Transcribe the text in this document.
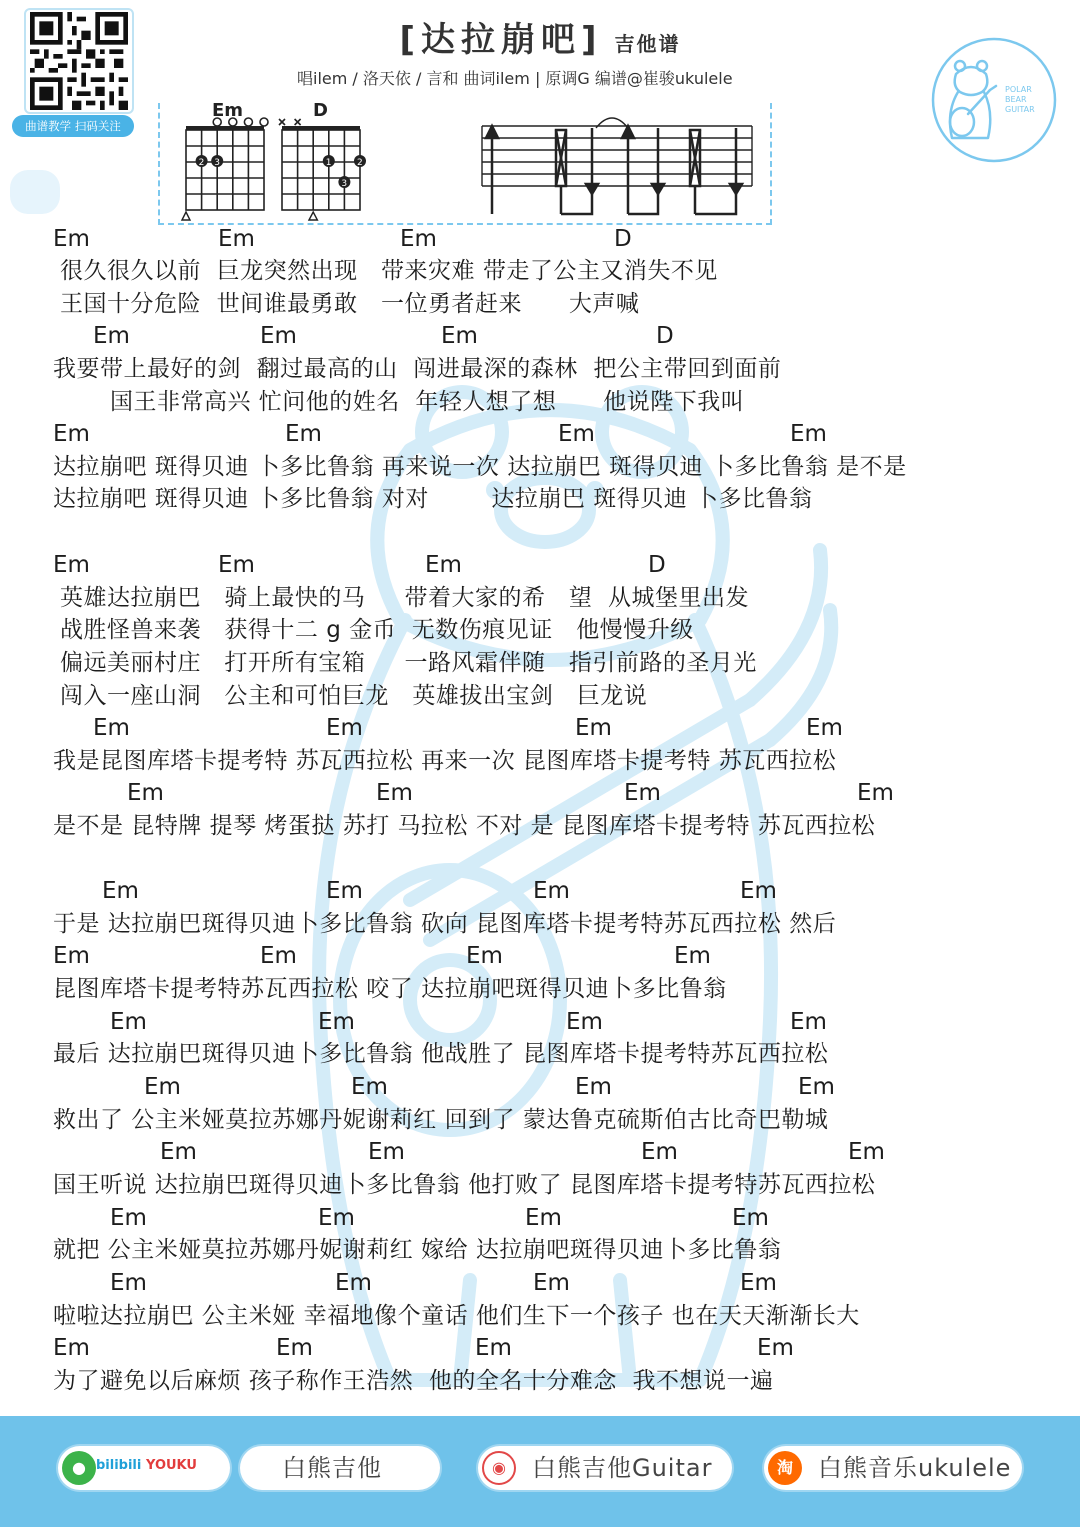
曲谱教学 扫码关注
[达拉崩吧] 吉他谱
唱ilem / 洛天依 / 言和 曲词ilem | 原调G 编谱@崔骏ukulele
POLAR
BEAR
GUITAR
Em
2 3
D
1	2
3
Em	Em	Em	D
很久很久以前  巨龙突然出现   带来灾难 带走了公主又消失不见
王国十分危险  世间谁最勇敢   一位勇者赶来      大声喊
Em	Em	Em	D
我要带上最好的剑  翻过最高的山  闯进最深的森林  把公主带回到面前
国王非常高兴 忙问他的姓名  年轻人想了想      他说陛下我叫
Em	Em	Em	Em
达拉崩吧 斑得贝迪 卜多比鲁翁 再来说一次 达拉崩巴 斑得贝迪 卜多比鲁翁 是不是
达拉崩吧 斑得贝迪 卜多比鲁翁 对对        达拉崩巴 斑得贝迪 卜多比鲁翁
Em	Em	Em	D
英雄达拉崩巴   骑上最快的马     带着大家的希   望  从城堡里出发
战胜怪兽来袭   获得十二 g 金币  无数伤痕见证   他慢慢升级
偏远美丽村庄   打开所有宝箱     一路风霜伴随   指引前路的圣月光
闯入一座山洞   公主和可怕巨龙   英雄拔出宝剑   巨龙说
Em	Em	Em	Em
我是昆图库塔卡提考特 苏瓦西拉松 再来一次 昆图库塔卡提考特 苏瓦西拉松
Em	Em	Em	Em
是不是 昆特牌 提琴 烤蛋挞 苏打 马拉松 不对 是 昆图库塔卡提考特 苏瓦西拉松
Em	Em	Em	Em
于是 达拉崩巴斑得贝迪卜多比鲁翁 砍向 昆图库塔卡提考特苏瓦西拉松 然后
Em	Em	Em	Em
昆图库塔卡提考特苏瓦西拉松 咬了 达拉崩吧斑得贝迪卜多比鲁翁
Em	Em	Em	Em
最后 达拉崩巴斑得贝迪卜多比鲁翁 他战胜了 昆图库塔卡提考特苏瓦西拉松
Em	Em	Em	Em
救出了 公主米娅莫拉苏娜丹妮谢莉红 回到了 蒙达鲁克硫斯伯古比奇巴勒城
Em	Em	Em	Em
国王听说 达拉崩巴斑得贝迪卜多比鲁翁 他打败了 昆图库塔卡提考特苏瓦西拉松
Em	Em	Em	Em
就把 公主米娅莫拉苏娜丹妮谢莉红 嫁给 达拉崩吧斑得贝迪卜多比鲁翁
Em	Em	Em	Em
啦啦达拉崩巴 公主米娅 幸福地像个童话 他们生下一个孩子 也在天天渐渐长大
Em	Em	Em	Em
为了避免以后麻烦 孩子称作王浩然  他的全名十分难念  我不想说一遍
● bilibili YOUKU	白熊吉他	◉	白熊吉他Guitar	淘	白熊音乐ukulele
